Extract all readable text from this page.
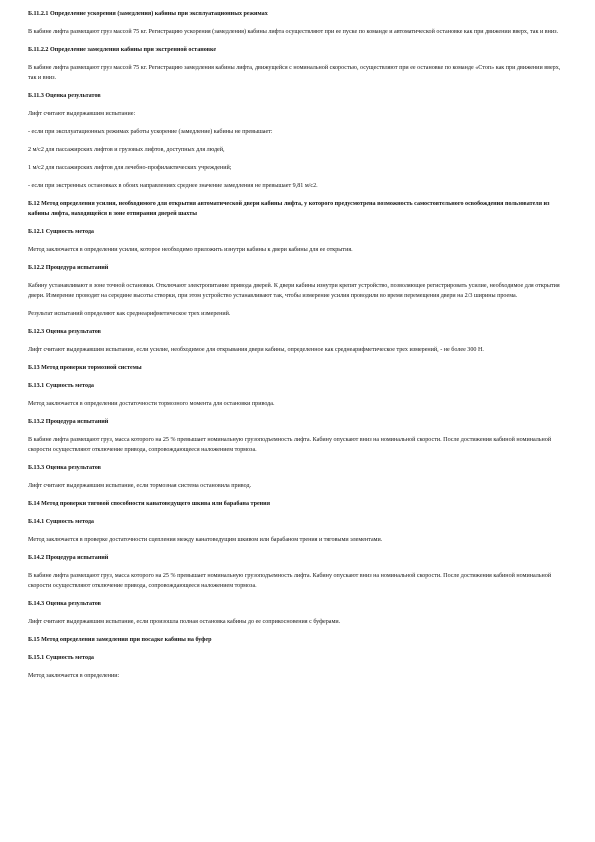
Б.11.2.1 Определение ускорения (замедления) кабины при эксплуатационных режимах
В кабине лифта размещают груз массой 75 кг. Регистрацию ускорения (замедления) кабины лифта осуществляют при ее пуске по команде и автоматической остановке как при движении вверх, так и вниз.
Б.11.2.2 Определение замедления кабины при экстренной остановке
В кабине лифта размещают груз массой 75 кг. Регистрацию замедления кабины лифта, движущейся с номинальной скоростью, осуществляют при ее остановке по команде «Стоп» как при движении вверх, так и вниз.
Б.11.3 Оценка результатов
Лифт считают выдержавшим испытание:
- если при эксплуатационных режимах работы ускорение (замедление) кабины не превышает:
2 м/с2 для пассажирских лифтов и грузовых лифтов, доступных для людей,
1 м/с2 для пассажирских лифтов для лечебно-профилактических учреждений;
- если при экстренных остановках в обоих направлениях среднее значение замедления не превышает 9,81 м/с2.
Б.12 Метод определения усилия, необходимого для открытия автоматической двери кабины лифта, у которого предусмотрена возможность самостоятельного освобождения пользователя из кабины лифта, находящейся в зоне отпирания дверей шахты
Б.12.1 Сущность метода
Метод заключается в определении усилия, которое необходимо приложить изнутри кабины к двери кабины для ее открытия.
Б.12.2 Процедура испытаний
Кабину устанавливают в зоне точной остановки. Отключают электропитание привода дверей. К двери кабины изнутри крепят устройство, позволяющее регистрировать усилие, необходимое для открытия двери. Измерение проводят на середине высоты створки, при этом устройство устанавливают так, чтобы измерение усилия проводили во время перемещения двери на 2/3 ширины проема.
Результат испытаний определяют как среднеарифметическое трех измерений.
Б.12.3 Оценка результатов
Лифт считают выдержавшим испытание, если усилие, необходимое для открывания двери кабины, определенное как среднеарифметическое трех измерений, - не более 300 Н.
Б.13 Метод проверки тормозной системы
Б.13.1 Сущность метода
Метод заключается в определении достаточности тормозного момента для остановки привода.
Б.13.2 Процедура испытаний
В кабине лифта размещают груз, масса которого на 25 % превышает номинальную грузоподъемность лифта. Кабину опускают вниз на номинальной скорости. После достижения кабиной номинальной скорости осуществляют отключение привода, сопровождающееся наложением тормоза.
Б.13.3 Оценка результатов
Лифт считают выдержавшим испытание, если тормозная система остановила привод.
Б.14 Метод проверки тяговой способности канатоведущего шкива или барабана трения
Б.14.1 Сущность метода
Метод заключается в проверке достаточности сцепления между канатоведущим шкивом или барабаном трения и тяговыми элементами.
Б.14.2 Процедура испытаний
В кабине лифта размещают груз, масса которого на 25 % превышает номинальную грузоподъемность лифта. Кабину опускают вниз на номинальной скорости. После достижения кабиной номинальной скорости осуществляют отключение привода, сопровождающееся наложением тормоза.
Б.14.3 Оценка результатов
Лифт считают выдержавшим испытание, если произошла полная остановка кабины до ее соприкосновения с буферами.
Б.15 Метод определения замедления при посадке кабины на буфер
Б.15.1 Сущность метода
Метод заключается в определении:
